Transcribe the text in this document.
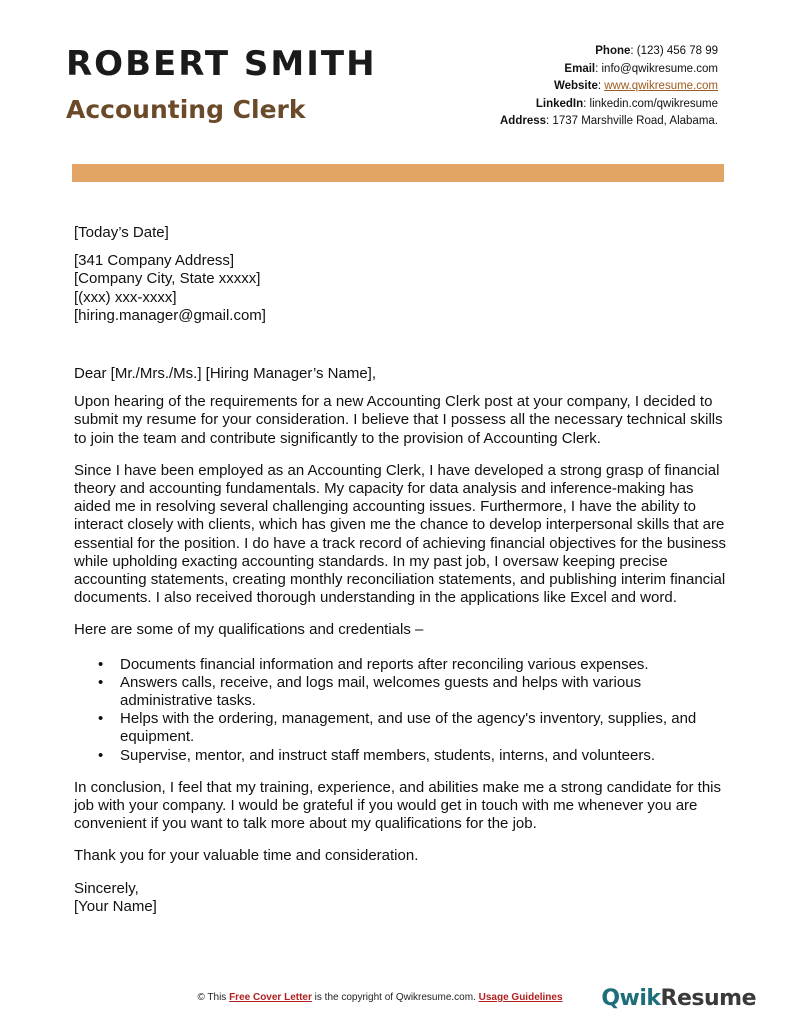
ROBERT SMITH
Accounting Clerk
Phone: (123) 456 78 99
Email: info@qwikresume.com
Website: www.qwikresume.com
LinkedIn: linkedin.com/qwikresume
Address: 1737 Marshville Road, Alabama.

[Today’s Date]

[341 Company Address]

[Company City, State xxxxx]

[(xxx) xxx-xxxx]

[hiring.manager@gmail.com]

Dear [Mr./Mrs./Ms.] [Hiring Manager’s Name],

Upon hearing of the requirements for a new Accounting Clerk post at your company, I decided to submit my resume for your consideration. I believe that I possess all the necessary technical skills to join the team and contribute significantly to the provision of Accounting Clerk.

Since I have been employed as an Accounting Clerk, I have developed a strong grasp of financial theory and accounting fundamentals. My capacity for data analysis and inference-making has aided me in resolving several challenging accounting issues. Furthermore, I have the ability to interact closely with clients, which has given me the chance to develop interpersonal skills that are essential for the position. I do have a track record of achieving financial objectives for the business while upholding exacting accounting standards. In my past job, I oversaw keeping precise accounting statements, creating monthly reconciliation statements, and publishing interim financial documents. I also received thorough understanding in the applications like Excel and word.

Here are some of my qualifications and credentials –

• Documents financial information and reports after reconciling various expenses.
• Answers calls, receive, and logs mail, welcomes guests and helps with various administrative tasks.
• Helps with the ordering, management, and use of the agency's inventory, supplies, and equipment.
• Supervise, mentor, and instruct staff members, students, interns, and volunteers.

In conclusion, I feel that my training, experience, and abilities make me a strong candidate for this job with your company. I would be grateful if you would get in touch with me whenever you are convenient if you want to talk more about my qualifications for the job.

Thank you for your valuable time and consideration.

Sincerely,

[Your Name]

© This Free Cover Letter is the copyright of Qwikresume.com. Usage Guidelines	QwikResume
